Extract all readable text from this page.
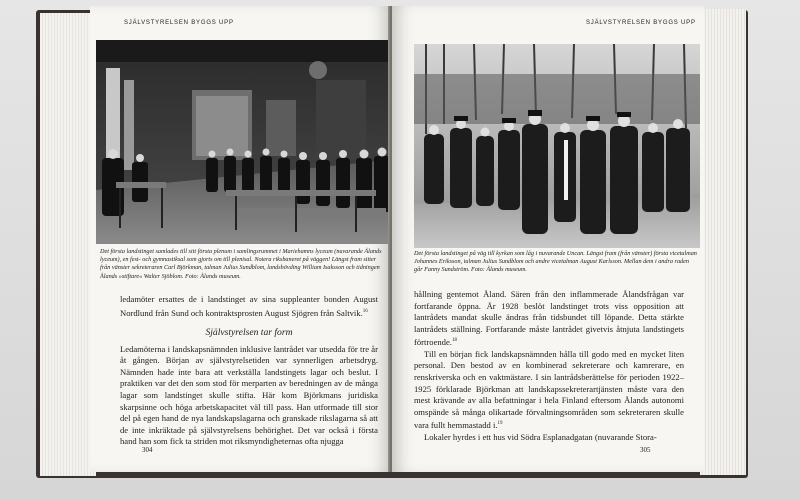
SJÄLVSTYRELSEN BYGGS UPP
Det första landstinget samlades till sitt första plenum i samlingsrummet i Mariehamns lyceum (nuvarande Ålands lyceum), en fest- och gymnastiksal som gjorts om till plenisal. Notera riksbaneret på väggen! Längst fram sitter från vänster sekreteraren Carl Björkman, talman Julius Sundblom, landshövding William Isaksson och tidningen Ålands »stiftare« Walter Sjöblom. Foto: Ålands museum.

ledamöter ersattes de i landstinget av sina suppleanter bonden August Nordlund från Sund och kontraktsprosten August Sjögren från Saltvik.$^{16}$

Självstyrelsen tar form

Ledamöterna i landskapsnämnden inklusive lantrådet var utsedda för tre år åt gången. Början av självstyrelsetiden var synnerligen arbetsdryg. Nämnden hade inte bara att verkställa landstingets lagar och beslut. I praktiken var det den som stod för merparten av beredningen av de många lagar som landstinget skulle stifta. Här kom Björkmans juridiska skarpsinne och höga arbetskapacitet väl till pass. Han utformade till stor del på egen hand de nya landskapslagarna och granskade rikslagarna så att de inte inkräktade på självstyrelsens behörighet. Det var också i första hand han som fick ta striden mot riksmyndigheternas ofta njugga

304
SJÄLVSTYRELSEN BYGGS UPP
Det första landstinget på väg till kyrkan som låg i nuvarande Uncan. Längst fram (från vänster) första vicetalman Johannes Eriksson, talman Julius Sundblom och andre vicetalman August Karlsson. Mellan dem i andra raden går Fanny Sundström. Foto: Ålands museum.

hållning gentemot Åland. Sären från den inflammerade Ålandsfrågan var fortfarande öppna. År 1928 beslöt landstinget trots viss opposition att lantrådets mandat skulle ändras från tidsbundet till löpande. Detta stärkte lantrådets ställning. Fortfarande måste lantrådet givetvis åtnjuta landstingets förtroende.$^{18}$

Till en början fick landskapsnämnden hålla till godo med en mycket liten personal. Den bestod av en kombinerad sekreterare och kamrerare, en renskriverska och en vaktmästare. I sin lantrådsberättelse för perioden 1922–1925 förklarade Björkman att landskapssekreterartjänsten måste vara den mest krävande av alla befattningar i hela Finland eftersom Ålands autonomi omspände så många olikartade förvaltningsområden som sekreteraren skulle vara fullt hemmastadd i.$^{19}$

Lokaler hyrdes i ett hus vid Södra Esplanadgatan (nuvarande Stora-

305
